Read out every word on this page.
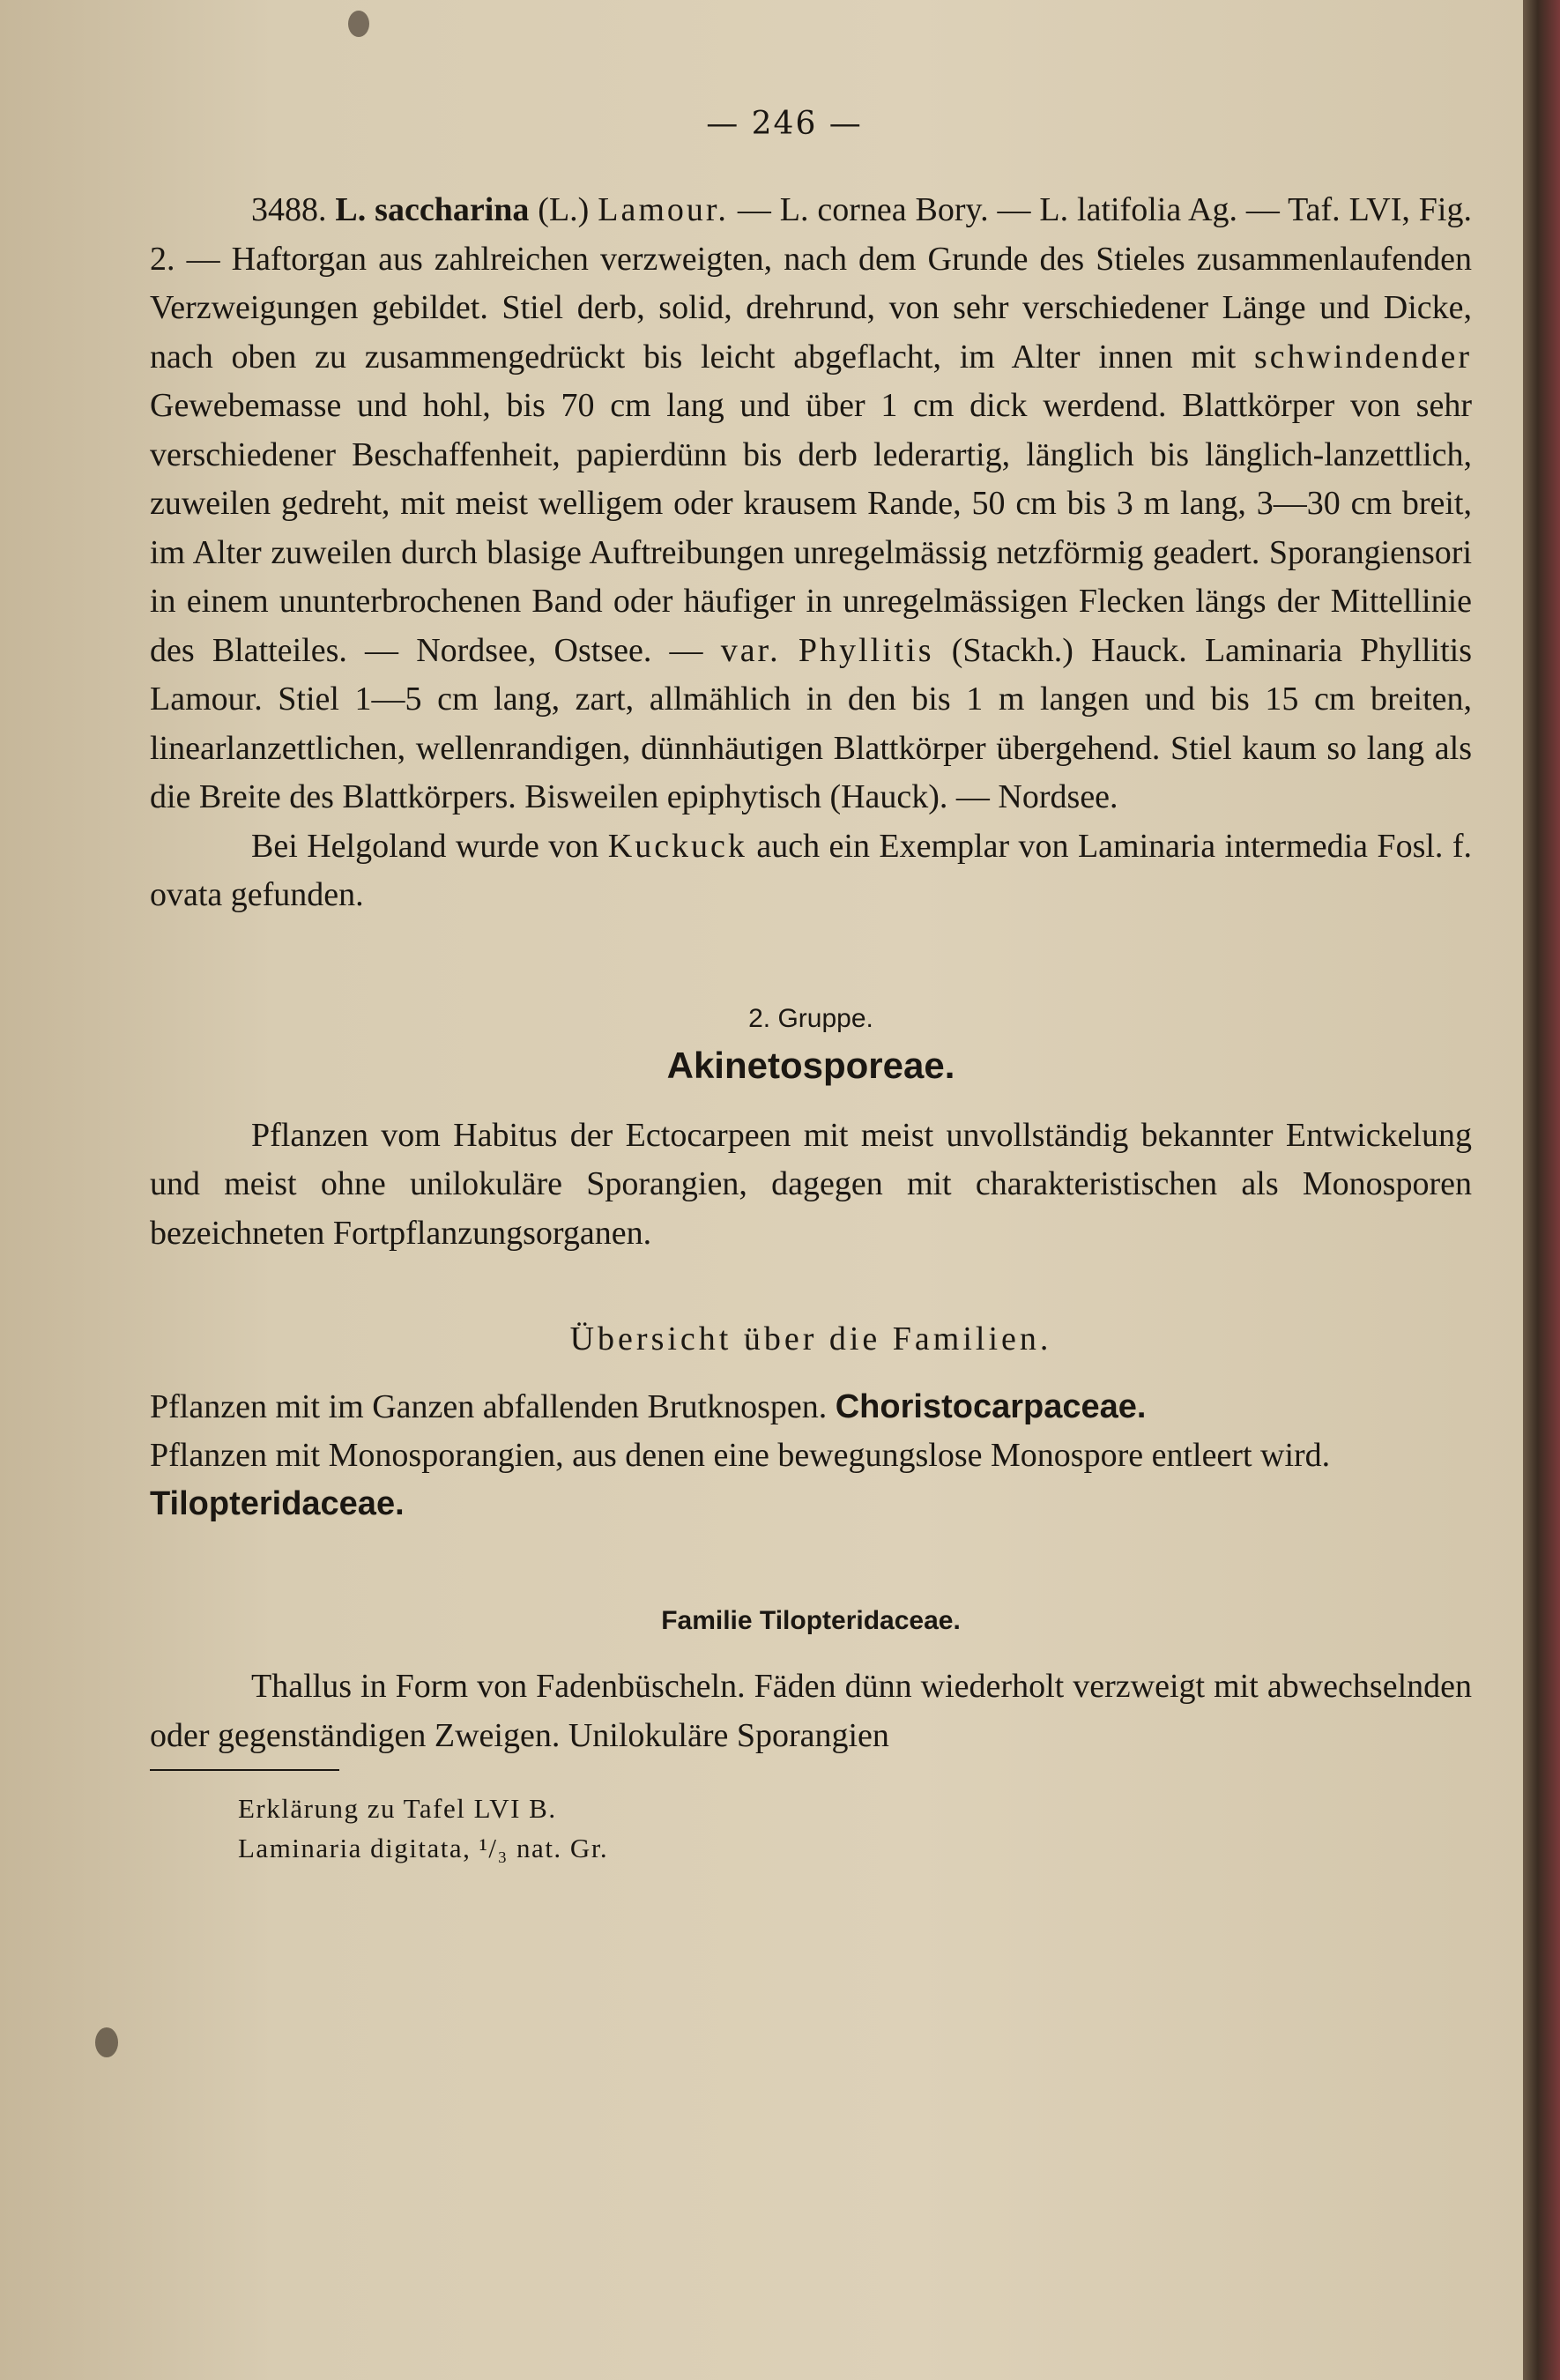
— 246 —

3488. L. saccharina (L.) Lamour. — L. cornea Bory. — L. latifolia Ag. — Taf. LVI, Fig. 2. — Haftorgan aus zahlreichen verzweigten, nach dem Grunde des Stieles zusammenlaufenden Verzweigungen gebildet. Stiel derb, solid, drehrund, von sehr verschiedener Länge und Dicke, nach oben zu zusammengedrückt bis leicht abgeflacht, im Alter innen mit schwindender Gewebemasse und hohl, bis 70 cm lang und über 1 cm dick werdend. Blattkörper von sehr verschiedener Beschaffenheit, papierdünn bis derb lederartig, länglich bis länglich-lanzettlich, zuweilen gedreht, mit meist welligem oder krausem Rande, 50 cm bis 3 m lang, 3—30 cm breit, im Alter zuweilen durch blasige Auftreibungen unregelmässig netzförmig geadert. Sporangiensori in einem ununterbrochenen Band oder häufiger in unregelmässigen Flecken längs der Mittellinie des Blatteiles. — Nordsee, Ostsee. — var. Phyllitis (Stackh.) Hauck. Laminaria Phyllitis Lamour. Stiel 1—5 cm lang, zart, allmählich in den bis 1 m langen und bis 15 cm breiten, linearlanzettlichen, wellenrandigen, dünnhäutigen Blattkörper übergehend. Stiel kaum so lang als die Breite des Blattkörpers. Bisweilen epiphytisch (Hauck). — Nordsee.

Bei Helgoland wurde von Kuckuck auch ein Exemplar von Laminaria intermedia Fosl. f. ovata gefunden.

2. Gruppe.
Akinetosporeae.

Pflanzen vom Habitus der Ectocarpeen mit meist unvollständig bekannter Entwickelung und meist ohne unilokuläre Sporangien, dagegen mit charakteristischen als Monosporen bezeichneten Fortpflanzungsorganen.

Übersicht über die Familien.
Pflanzen mit im Ganzen abfallenden Brutknospen. Choristocarpaceae.
Pflanzen mit Monosporangien, aus denen eine bewegungslose Monospore entleert wird. Tilopteridaceae.
Familie Tilopteridaceae.

Thallus in Form von Fadenbüscheln. Fäden dünn wiederholt verzweigt mit abwechselnden oder gegenständigen Zweigen. Unilokuläre Sporangien

Erklärung zu Tafel LVI B.
Laminaria digitata, ¹/₃ nat. Gr.
